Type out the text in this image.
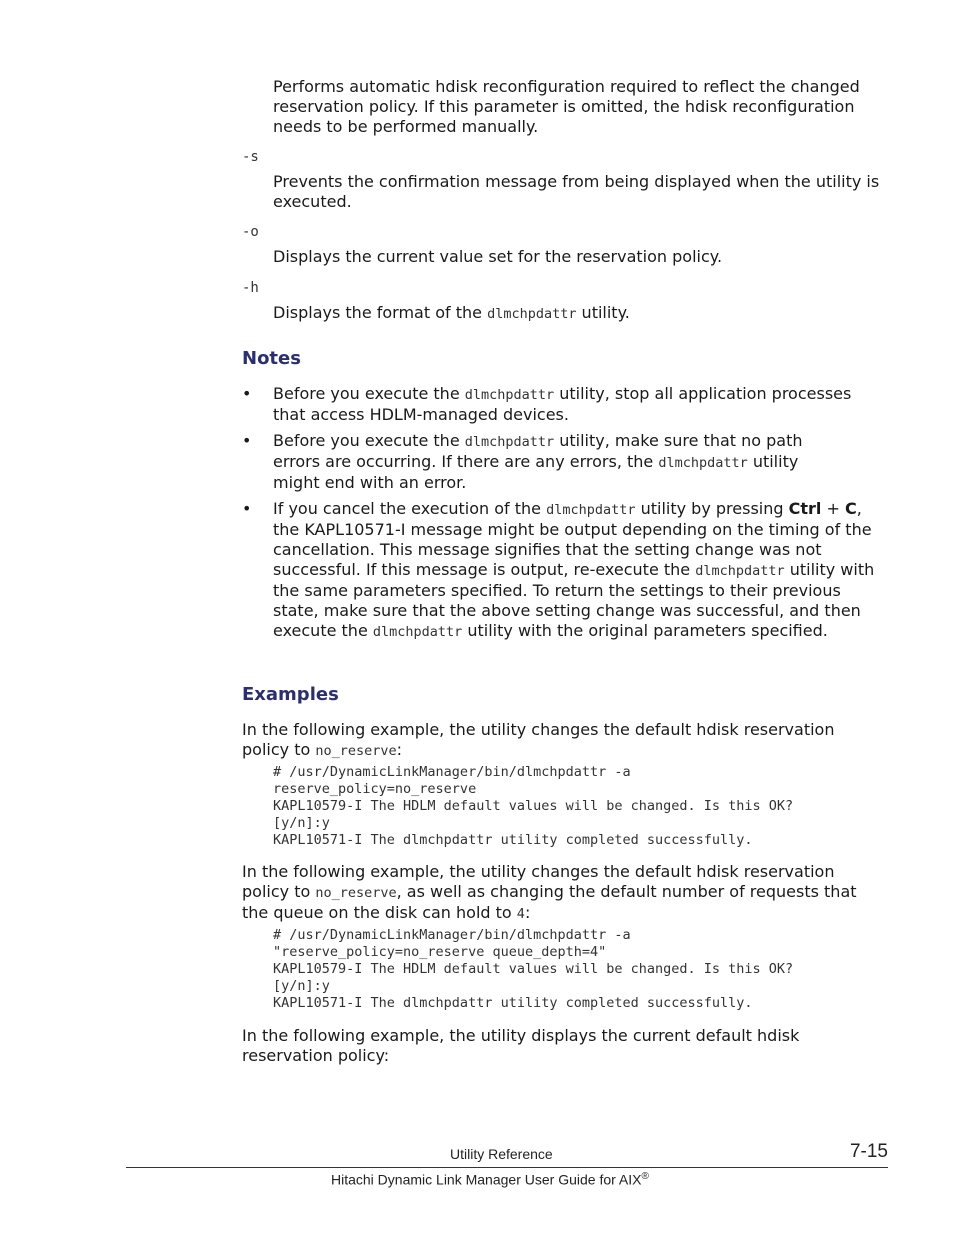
Performs automatic hdisk reconfiguration required to reflect the changed reservation policy. If this parameter is omitted, the hdisk reconfiguration needs to be performed manually.

-s

Prevents the confirmation message from being displayed when the utility is executed.

-o

Displays the current value set for the reservation policy.

-h

Displays the format of the dlmchpdattr utility.

Notes
• Before you execute the dlmchpdattr utility, stop all application processes that access HDLM-managed devices.

• Before you execute the dlmchpdattr utility, make sure that no path errors are occurring. If there are any errors, the dlmchpdattr utility might end with an error.

• If you cancel the execution of the dlmchpdattr utility by pressing Ctrl + C, the KAPL10571-I message might be output depending on the timing of the cancellation. This message signifies that the setting change was not successful. If this message is output, re-execute the dlmchpdattr utility with the same parameters specified. To return the settings to their previous state, make sure that the above setting change was successful, and then execute the dlmchpdattr utility with the original parameters specified.

Examples

In the following example, the utility changes the default hdisk reservation policy to no_reserve:

# /usr/DynamicLinkManager/bin/dlmchpdattr -a
reserve_policy=no_reserve
KAPL10579-I The HDLM default values will be changed. Is this OK?
[y/n]:y
KAPL10571-I The dlmchpdattr utility completed successfully.

In the following example, the utility changes the default hdisk reservation policy to no_reserve, as well as changing the default number of requests that the queue on the disk can hold to 4:

# /usr/DynamicLinkManager/bin/dlmchpdattr -a
"reserve_policy=no_reserve queue_depth=4"
KAPL10579-I The HDLM default values will be changed. Is this OK?
[y/n]:y
KAPL10571-I The dlmchpdattr utility completed successfully.

In the following example, the utility displays the current default hdisk reservation policy:

Utility Reference	7-15
Hitachi Dynamic Link Manager User Guide for AIX®
